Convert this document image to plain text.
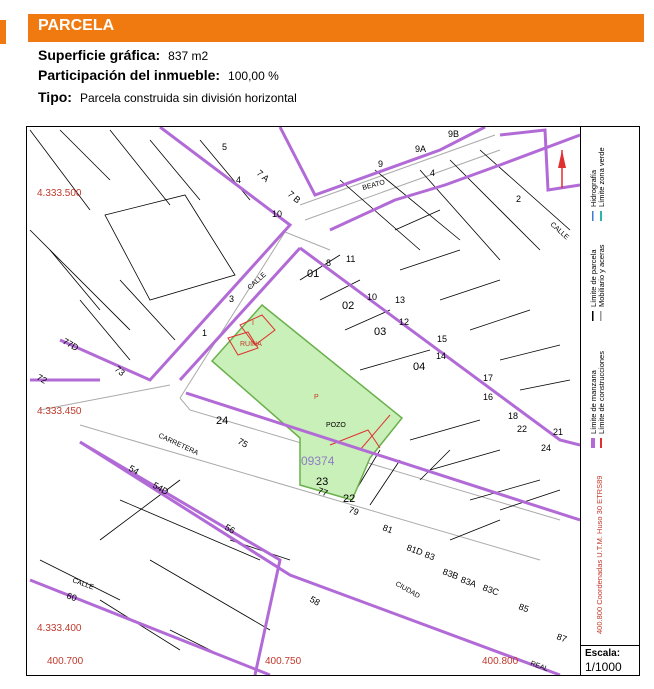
PARCELA
Superficie gráfica: 837 m2
Participación del inmueble: 100,00 %
Tipo: Parcela construida sin división horizontal
4.333.500
4.333.450
4.333.400
400.700	400.750	400.800
CALLE
CALLE
CALLE
CARRETERA
CIUDAD
BEATO
REAL
RUINA
I
P
POZO
09374
5
7 A
7 B
4
10
9
9A
9B
4
2
8 11
10 13
12
15
14
17
16
18
22
24
21
3
1
77D
73
72
24
75
77
79
81
81D 83
83B
83A
83C
85
87
54
54D
56
58
60
01
02
03
04
23
22	400.800 Coordenadas U.T.M. Huso 30 ETRS89
Límite de manzana Límite de construcciones
Límite de parcela Mobiliario y aceras
Hidrografía Límite zona verde
Escala:
1/1000
